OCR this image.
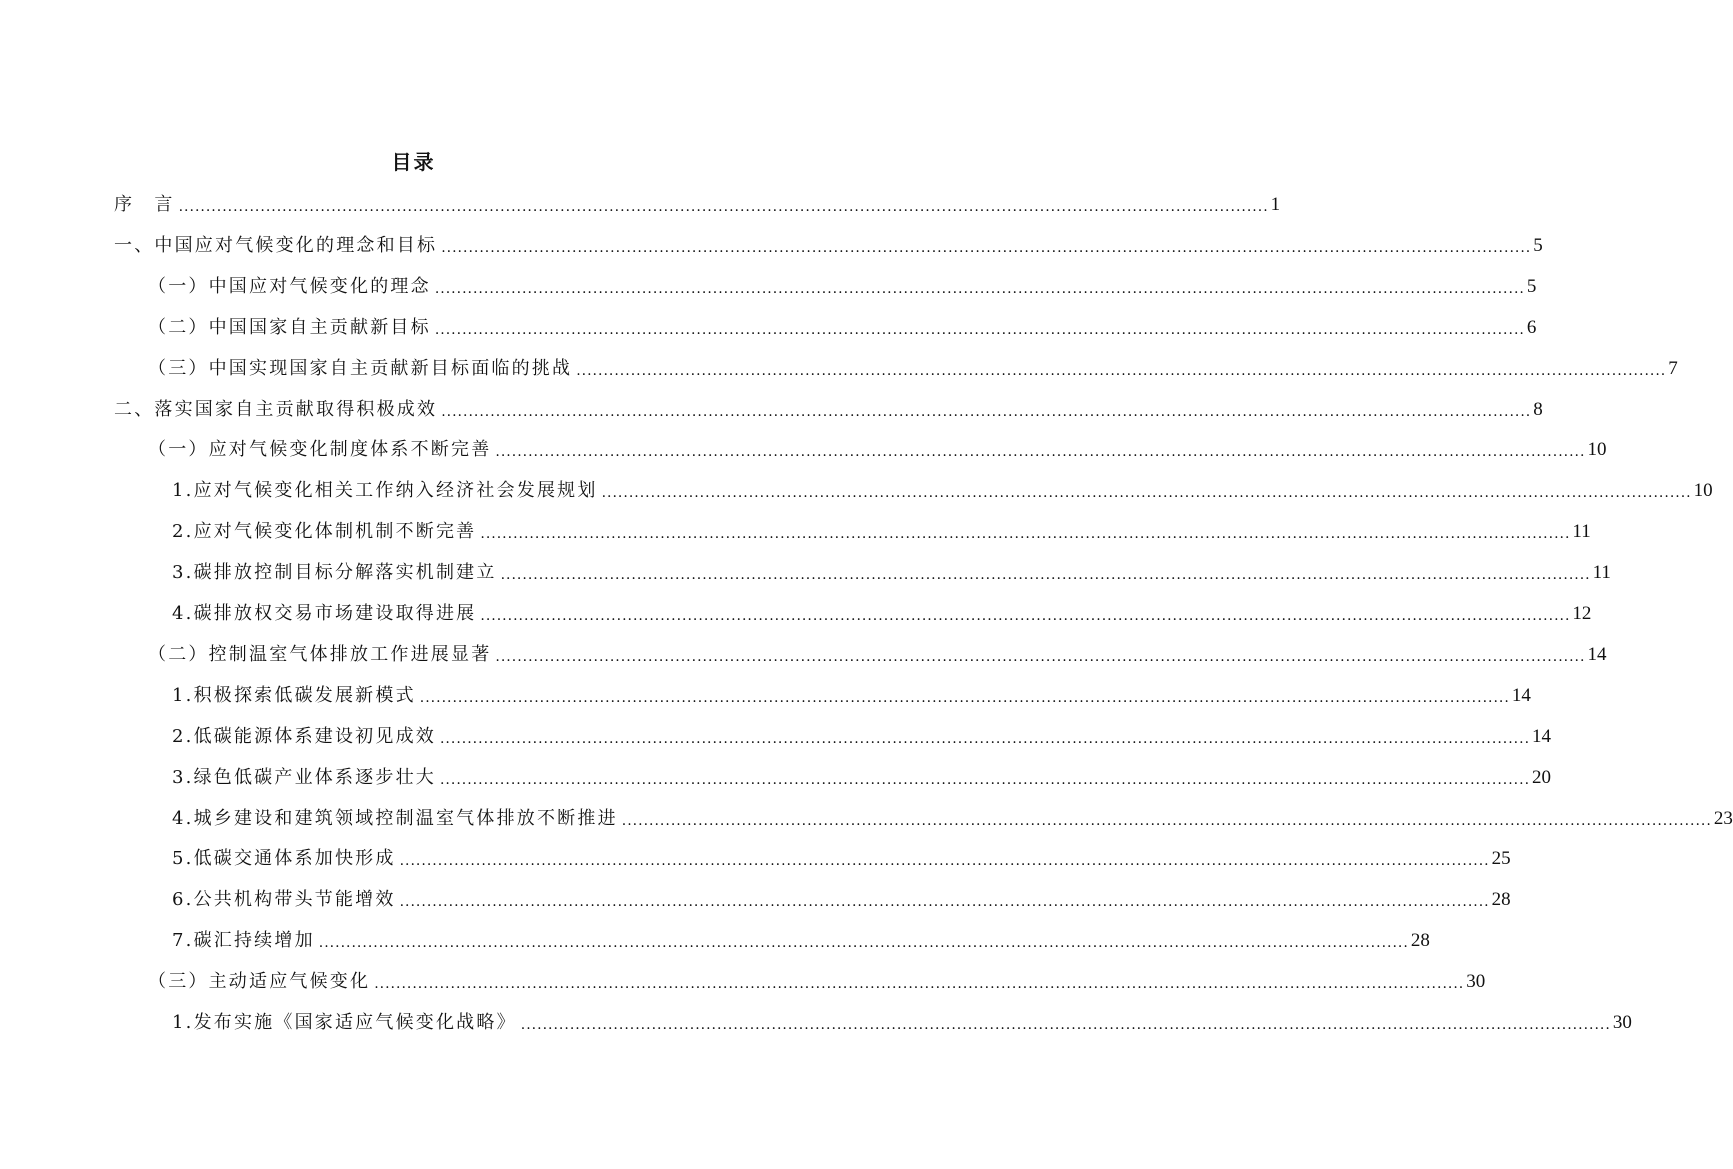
目录
序　言 ........................................................................................................................................................................................................ 1
一、中国应对气候变化的理念和目标 ........................................................................................................................................................................................................ 5
（一）中国应对气候变化的理念 ........................................................................................................................................................................................................ 5
（二）中国国家自主贡献新目标 ........................................................................................................................................................................................................ 6
（三）中国实现国家自主贡献新目标面临的挑战 ........................................................................................................................................................................................................ 7
二、落实国家自主贡献取得积极成效 ........................................................................................................................................................................................................ 8
（一）应对气候变化制度体系不断完善 ........................................................................................................................................................................................................ 10
1.应对气候变化相关工作纳入经济社会发展规划 ........................................................................................................................................................................................................ 10
2.应对气候变化体制机制不断完善 ........................................................................................................................................................................................................ 11
3.碳排放控制目标分解落实机制建立 ........................................................................................................................................................................................................ 11
4.碳排放权交易市场建设取得进展 ........................................................................................................................................................................................................ 12
（二）控制温室气体排放工作进展显著 ........................................................................................................................................................................................................ 14
1.积极探索低碳发展新模式 ........................................................................................................................................................................................................ 14
2.低碳能源体系建设初见成效 ........................................................................................................................................................................................................ 14
3.绿色低碳产业体系逐步壮大 ........................................................................................................................................................................................................ 20
4.城乡建设和建筑领域控制温室气体排放不断推进 ........................................................................................................................................................................................................ 23
5.低碳交通体系加快形成 ........................................................................................................................................................................................................ 25
6.公共机构带头节能增效 ........................................................................................................................................................................................................ 28
7.碳汇持续增加 ........................................................................................................................................................................................................ 28
（三）主动适应气候变化 ........................................................................................................................................................................................................ 30
1.发布实施《国家适应气候变化战略》 ........................................................................................................................................................................................................ 30
